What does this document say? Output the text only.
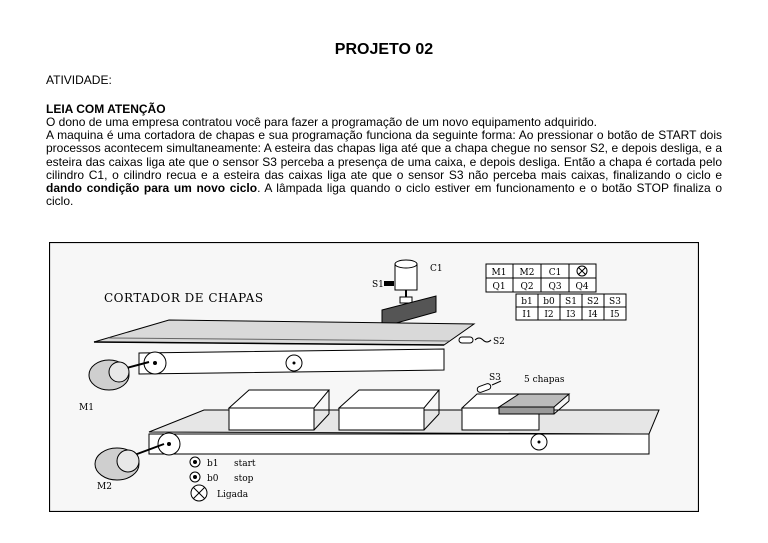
PROJETO 02
ATIVIDADE:
LEIA COM ATENÇÃO

O dono de uma empresa contratou você para fazer a programação de um novo equipamento adquirido.

A maquina é uma cortadora de chapas e sua programação funciona da seguinte forma: Ao pressionar o botão de START dois processos acontecem simultaneamente: A esteira das chapas liga até que a chapa chegue no sensor S2, e depois desliga, e a esteira das caixas liga ate que o sensor S3 perceba a presença de uma caixa, e depois desliga. Então a chapa é cortada pelo cilindro C1, o cilindro recua e a esteira das caixas liga ate que o sensor S3 não perceba mais caixas, finalizando o ciclo e dando condição para um novo ciclo. A lâmpada liga quando o ciclo estiver em funcionamento e o botão STOP finaliza o ciclo.

CORTADOR DE CHAPAS
C1
S1
M1 M2 C1
Q1 Q2 Q3 Q4
b1 b0 S1 S2 S3
I1 I2 I3 I4 I5
M1
S2
5 chapas
S3
M2
b1 start
b0 stop
Ligada
